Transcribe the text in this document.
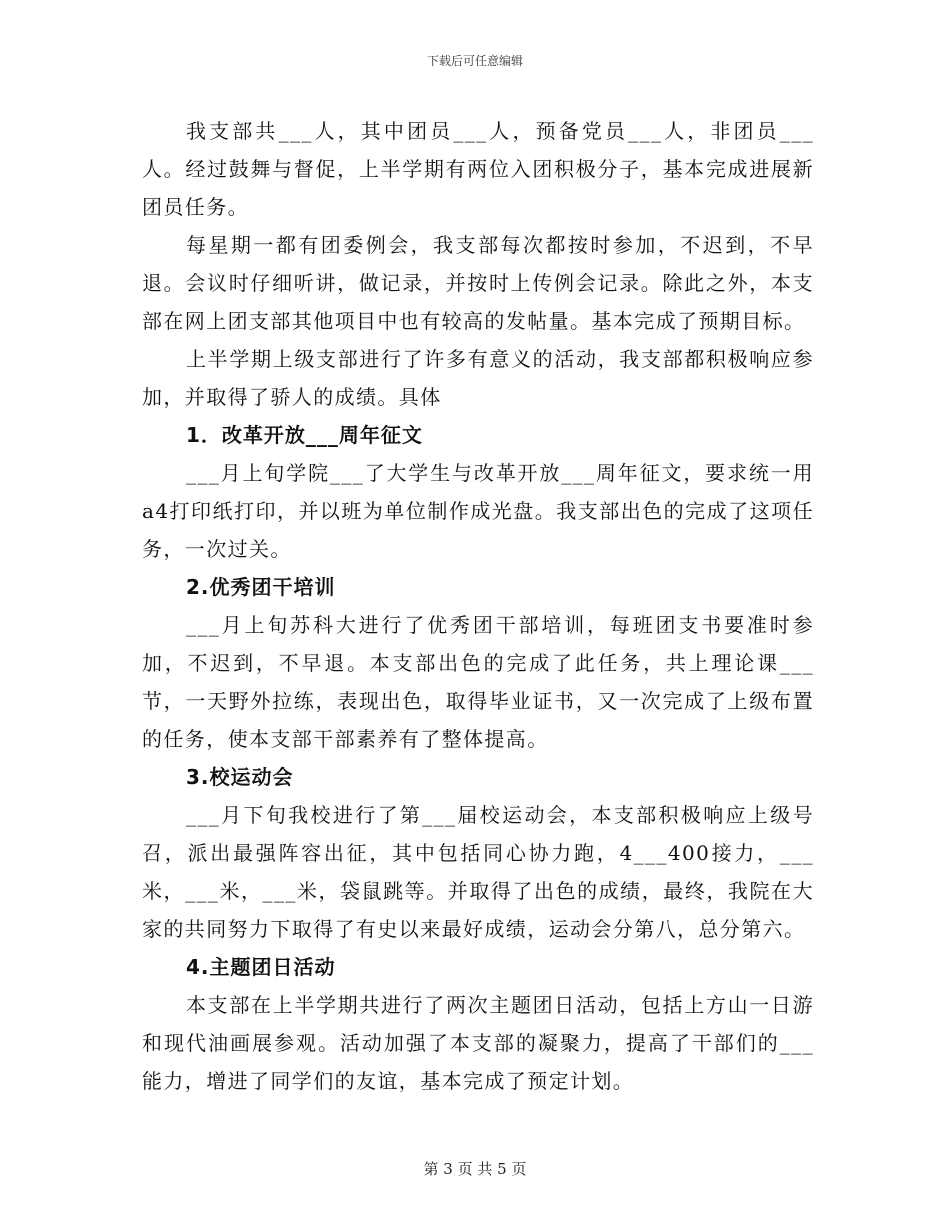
下载后可任意编辑

我支部共___人，其中团员___人，预备党员___人，非团员___人。经过鼓舞与督促，上半学期有两位入团积极分子，基本完成进展新团员任务。

每星期一都有团委例会，我支部每次都按时参加，不迟到，不早退。会议时仔细听讲，做记录，并按时上传例会记录。除此之外，本支部在网上团支部其他项目中也有较高的发帖量。基本完成了预期目标。

上半学期上级支部进行了许多有意义的活动，我支部都积极响应参加，并取得了骄人的成绩。具体

1．改革开放___周年征文

___月上旬学院___了大学生与改革开放___周年征文，要求统一用a4打印纸打印，并以班为单位制作成光盘。我支部出色的完成了这项任务，一次过关。

2.优秀团干培训

___月上旬苏科大进行了优秀团干部培训，每班团支书要准时参加，不迟到，不早退。本支部出色的完成了此任务，共上理论课___节，一天野外拉练，表现出色，取得毕业证书，又一次完成了上级布置的任务，使本支部干部素养有了整体提高。

3.校运动会

___月下旬我校进行了第___届校运动会，本支部积极响应上级号召，派出最强阵容出征，其中包括同心协力跑，4___400接力，___米，___米，___米，袋鼠跳等。并取得了出色的成绩，最终，我院在大家的共同努力下取得了有史以来最好成绩，运动会分第八，总分第六。

4.主题团日活动

本支部在上半学期共进行了两次主题团日活动，包括上方山一日游和现代油画展参观。活动加强了本支部的凝聚力，提高了干部们的___能力，增进了同学们的友谊，基本完成了预定计划。

第 3 页 共 5 页
